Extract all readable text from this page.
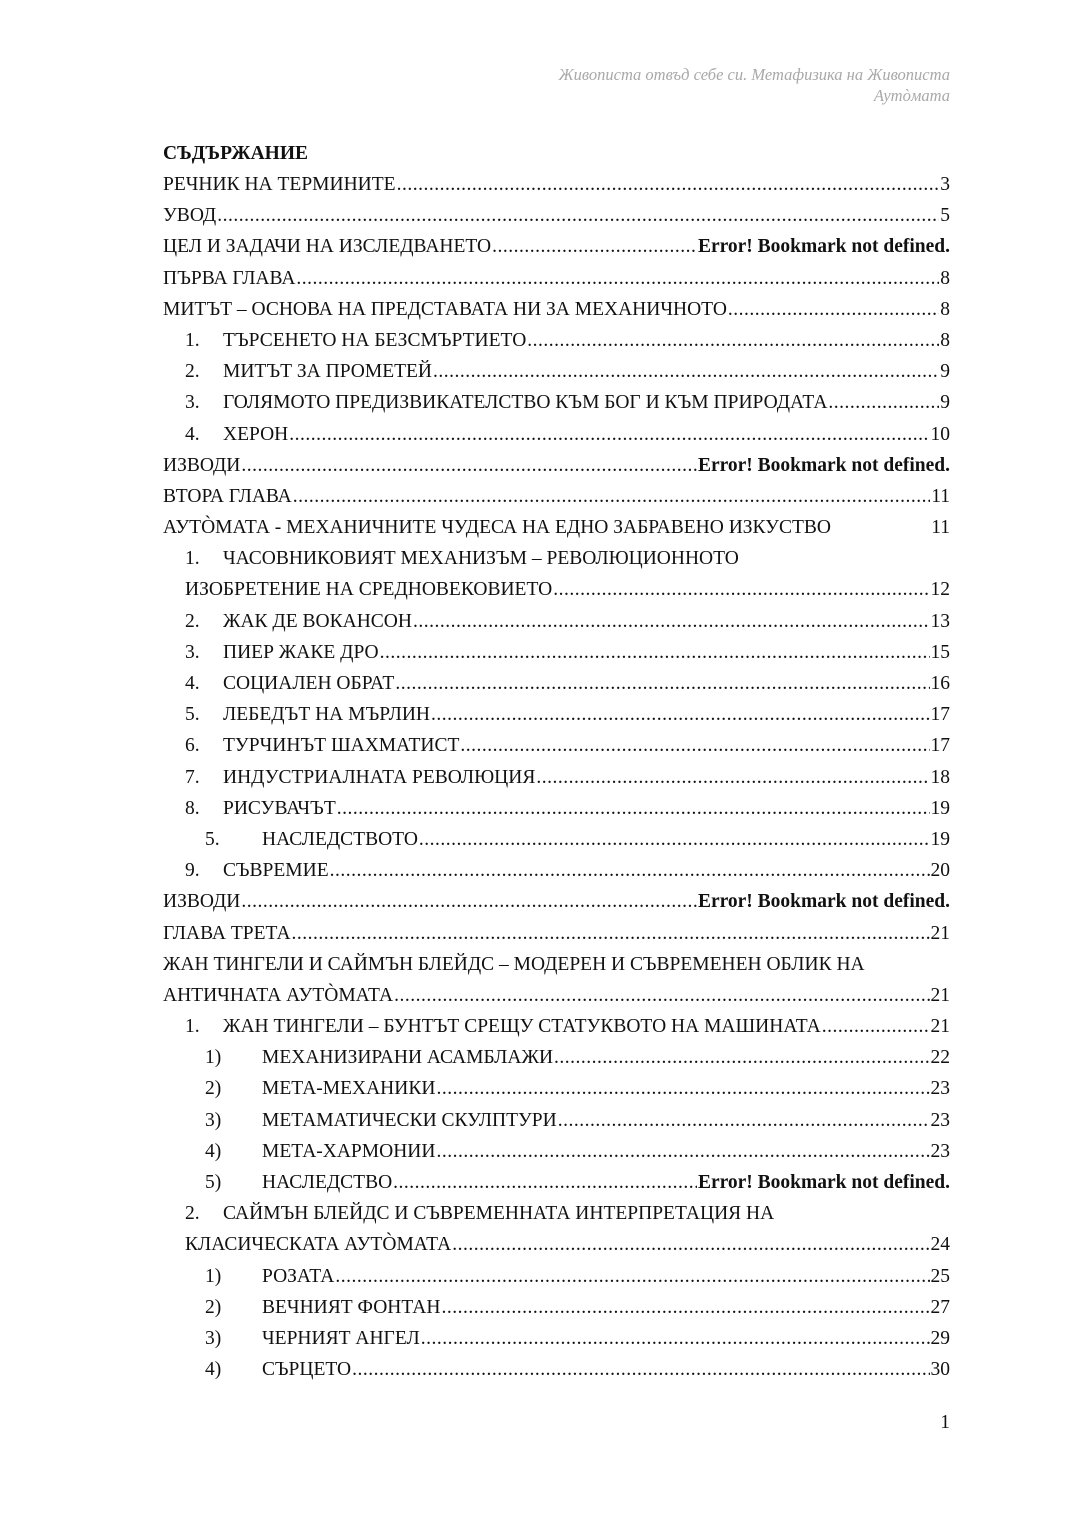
Живописта отвъд себе си. Метафизика на Живописта
Аутòмата
СЪДЪРЖАНИЕ
РЕЧНИК НА ТЕРМИНИТЕ .....	3
УВОД .....	5
ЦЕЛ И ЗАДАЧИ НА ИЗСЛЕДВАНЕТО .....	Error! Bookmark not defined.
ПЪРВА ГЛАВА .....	8
МИТЪТ – ОСНОВА НА ПРЕДСТАВАТА НИ ЗА МЕХАНИЧНОТО .....	8
1.	ТЪРСЕНЕТО НА БЕЗСМЪРТИЕТО .....	8
2.	МИТЪТ ЗА ПРОМЕТЕЙ .....	9
3.	ГОЛЯМОТО ПРЕДИЗВИКАТЕЛСТВО КЪМ БОГ И КЪМ ПРИРОДАТА .....	9
4.	ХЕРОН .....	10
ИЗВОДИ .....	Error! Bookmark not defined.
ВТОРА ГЛАВА .....	11
АУТÒМАТА - МЕХАНИЧНИТЕ ЧУДЕСА НА ЕДНО ЗАБРАВЕНО ИЗКУСТВО	11
1.	ЧАСОВНИКОВИЯТ МЕХАНИЗЪМ – РЕВОЛЮЦИОННОТО
ИЗОБРЕТЕНИЕ НА СРЕДНОВЕКОВИЕТО .....	12
2.	ЖАК ДЕ ВОКАНСОН .....	13
3.	ПИЕР ЖАКЕ ДРО .....	15
4.	СОЦИАЛЕН ОБРАТ .....	16
5.	ЛЕБЕДЪТ НА МЪРЛИН .....	17
6.	ТУРЧИНЪТ ШАХМАТИСТ .....	17
7.	ИНДУСТРИАЛНАТА РЕВОЛЮЦИЯ .....	18
8.	РИСУВАЧЪТ .....	19
5.	НАСЛЕДСТВОТО .....	19
9.	СЪВРЕМИЕ .....	20
ИЗВОДИ .....	Error! Bookmark not defined.
ГЛАВА ТРЕТА .....	21
ЖАН ТИНГЕЛИ И САЙМЪН БЛЕЙДС – МОДЕРЕН И СЪВРЕМЕНЕН ОБЛИК НА
АНТИЧНАТА АУТÒМАТА .....	21
1.	ЖАН ТИНГЕЛИ – БУНТЪТ СРЕЩУ СТАТУКВОТО НА МАШИНАТА .....	21
1)	МЕХАНИЗИРАНИ АСАМБЛАЖИ .....	22
2)	МЕТА-МЕХАНИКИ .....	23
3)	МЕТАМАТИЧЕСКИ СКУЛПТУРИ .....	23
4)	МЕТА-ХАРМОНИИ .....	23
5)	НАСЛЕДСТВО .....	Error! Bookmark not defined.
2.	САЙМЪН БЛЕЙДС И СЪВРЕМЕННАТА ИНТЕРПРЕТАЦИЯ НА
КЛАСИЧЕСКАТА АУТÒМАТА .....	24
1)	РОЗАТА .....	25
2)	ВЕЧНИЯТ ФОНТАН .....	27
3)	ЧЕРНИЯТ АНГЕЛ .....	29
4)	СЪРЦЕТО .....	30
1
